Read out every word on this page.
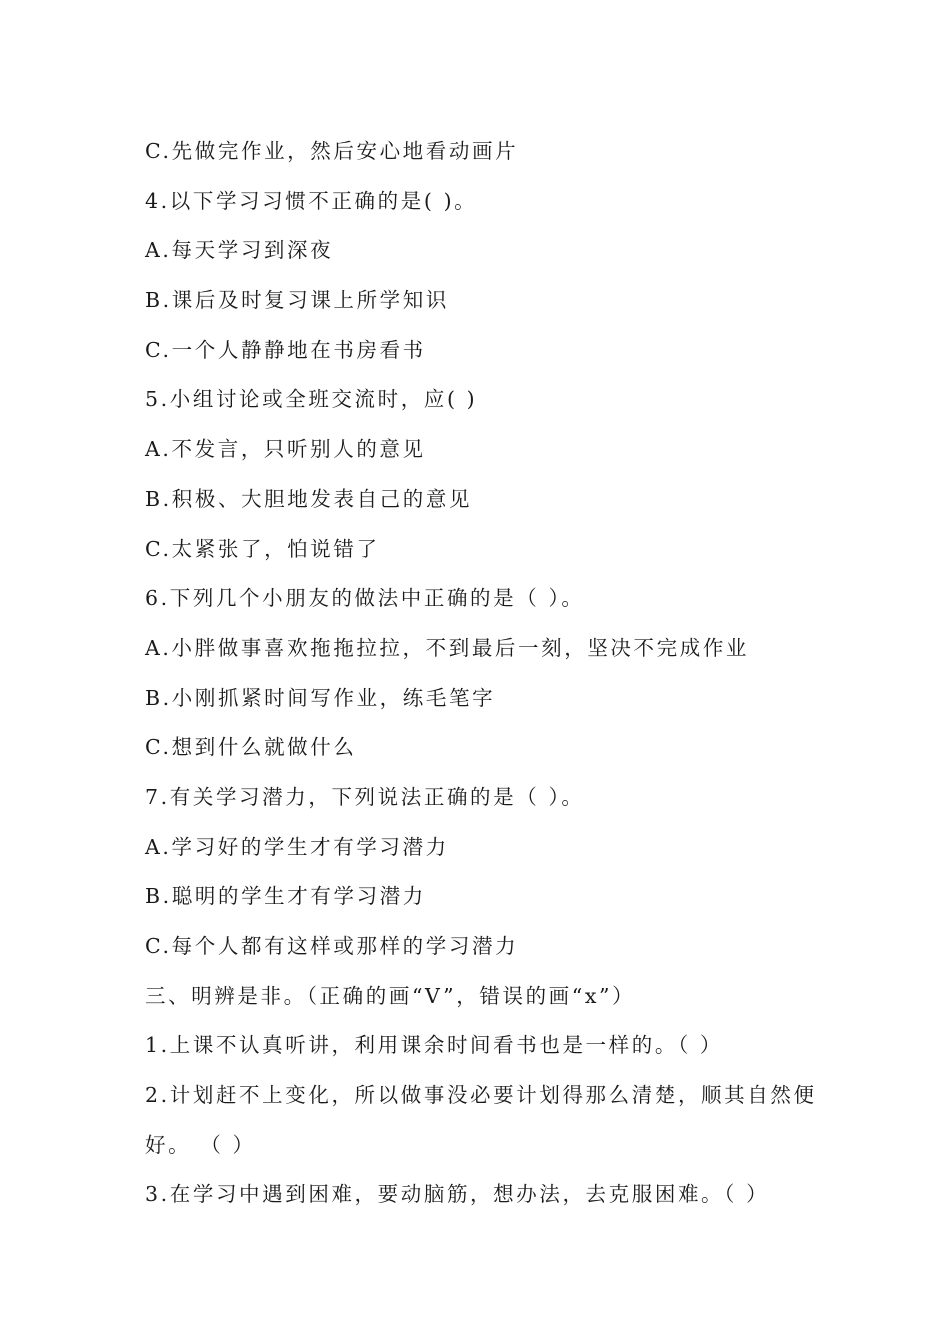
C.先做完作业，然后安心地看动画片
4.以下学习习惯不正确的是( )。
A.每天学习到深夜
B.课后及时复习课上所学知识
C.一个人静静地在书房看书
5.小组讨论或全班交流时，应( )
A.不发言，只听别人的意见
B.积极、大胆地发表自己的意见
C.太紧张了，怕说错了
6.下列几个小朋友的做法中正确的是（ ）。
A.小胖做事喜欢拖拖拉拉，不到最后一刻，坚决不完成作业
B.小刚抓紧时间写作业，练毛笔字
C.想到什么就做什么
7.有关学习潜力，下列说法正确的是（ ）。
A.学习好的学生才有学习潜力
B.聪明的学生才有学习潜力
C.每个人都有这样或那样的学习潜力
三、明辨是非。（正确的画“V”，错误的画“x”）
1.上课不认真听讲，利用课余时间看书也是一样的。（ ）
2.计划赶不上变化，所以做事没必要计划得那么清楚，顺其自然便
好。 （ ）
3.在学习中遇到困难，要动脑筋，想办法，去克服困难。（ ）
